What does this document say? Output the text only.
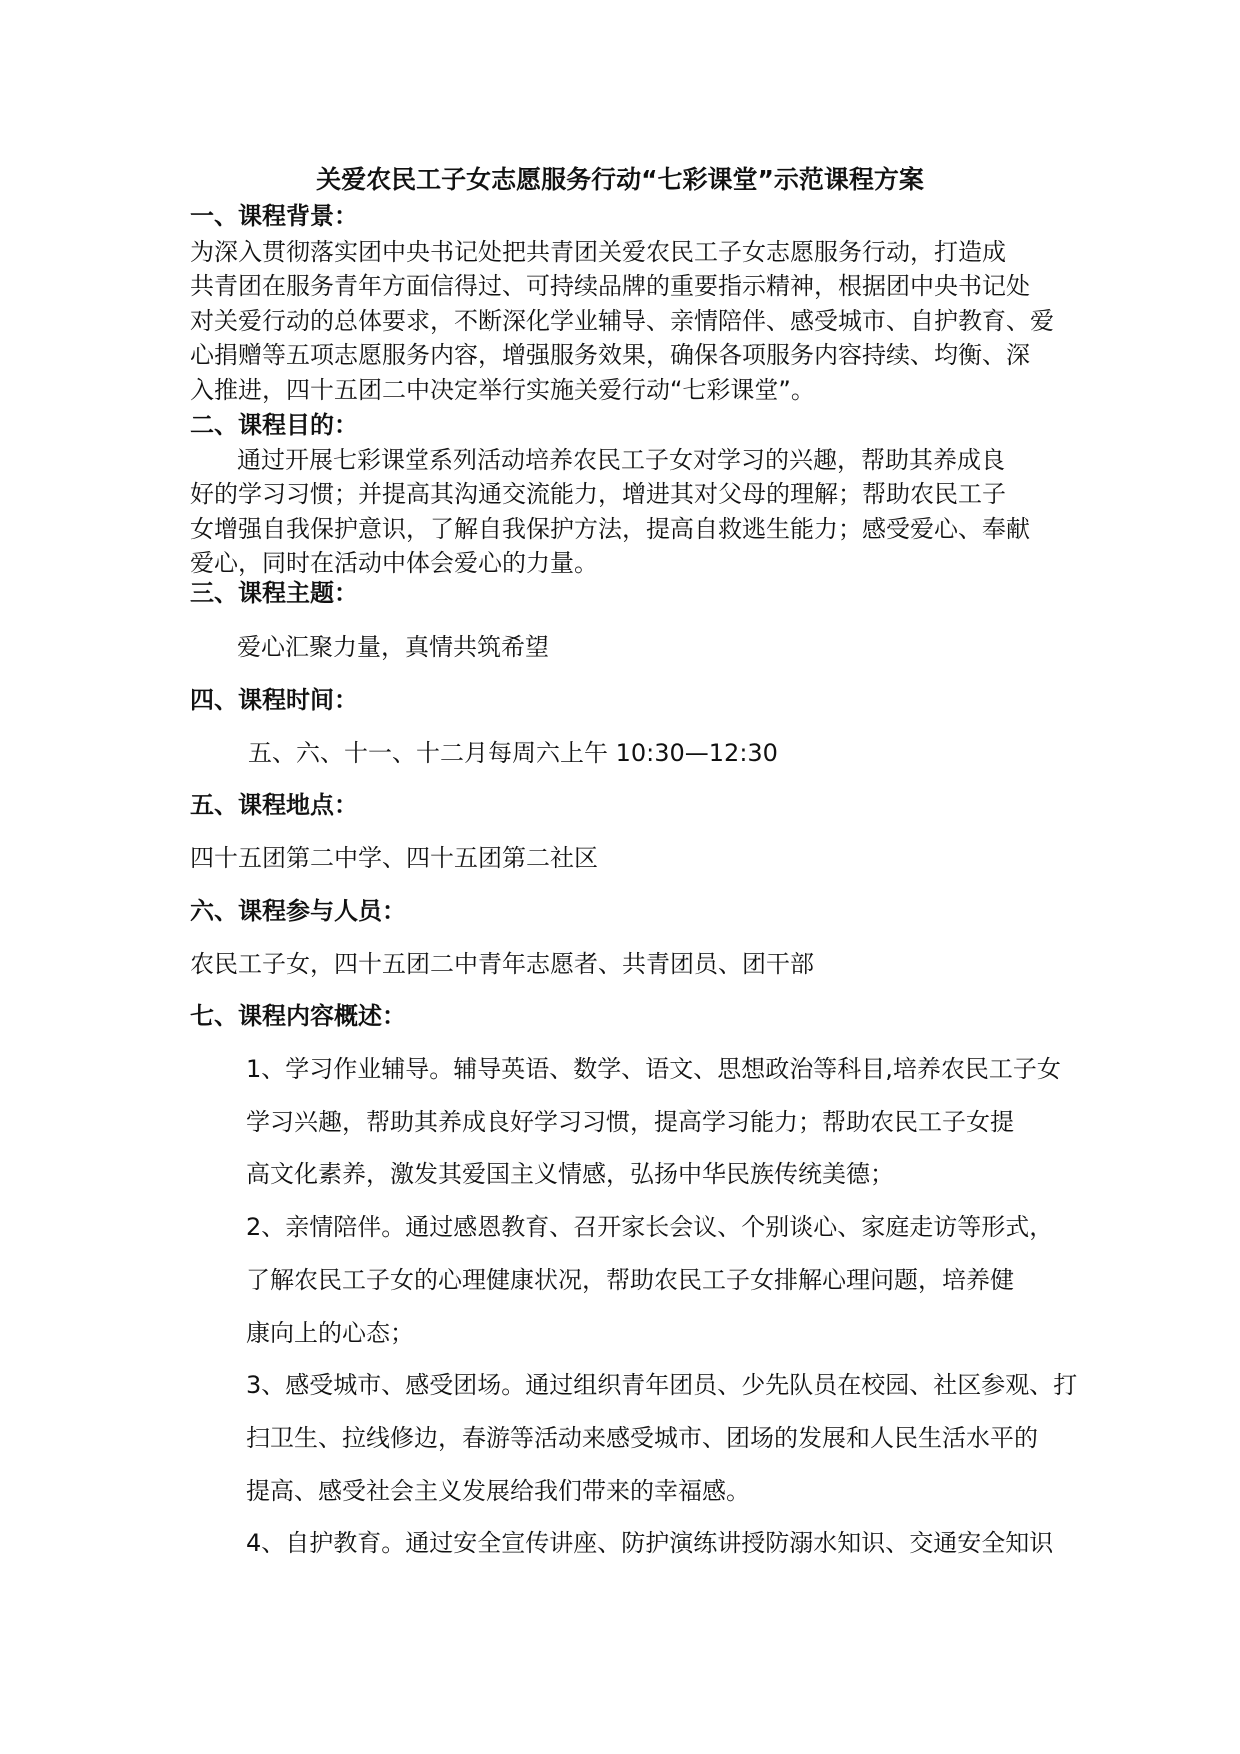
关爱农民工子女志愿服务行动“七彩课堂”示范课程方案
一、课程背景：
为深入贯彻落实团中央书记处把共青团关爱农民工子女志愿服务行动，打造成
共青团在服务青年方面信得过、可持续品牌的重要指示精神，根据团中央书记处
对关爱行动的总体要求，不断深化学业辅导、亲情陪伴、感受城市、自护教育、爱
心捐赠等五项志愿服务内容，增强服务效果，确保各项服务内容持续、均衡、深
入推进，四十五团二中决定举行实施关爱行动“七彩课堂”。
二、课程目的：
通过开展七彩课堂系列活动培养农民工子女对学习的兴趣，帮助其养成良
好的学习习惯；并提高其沟通交流能力，增进其对父母的理解；帮助农民工子
女增强自我保护意识，了解自我保护方法，提高自救逃生能力；感受爱心、奉献
爱心，同时在活动中体会爱心的力量。
三、课程主题：
爱心汇聚力量，真情共筑希望
四、课程时间：
五、六、十一、十二月每周六上午 10:30—12:30
五、课程地点：
四十五团第二中学、四十五团第二社区
六、课程参与人员：
农民工子女，四十五团二中青年志愿者、共青团员、团干部
七、课程内容概述：
1、学习作业辅导。辅导英语、数学、语文、思想政治等科目,培养农民工子女
学习兴趣，帮助其养成良好学习习惯，提高学习能力；帮助农民工子女提
高文化素养，激发其爱国主义情感，弘扬中华民族传统美德；
2、亲情陪伴。通过感恩教育、召开家长会议、个别谈心、家庭走访等形式，
了解农民工子女的心理健康状况，帮助农民工子女排解心理问题，培养健
康向上的心态；
3、感受城市、感受团场。通过组织青年团员、少先队员在校园、社区参观、打
扫卫生、拉线修边，春游等活动来感受城市、团场的发展和人民生活水平的
提高、感受社会主义发展给我们带来的幸福感。
4、自护教育。通过安全宣传讲座、防护演练讲授防溺水知识、交通安全知识
